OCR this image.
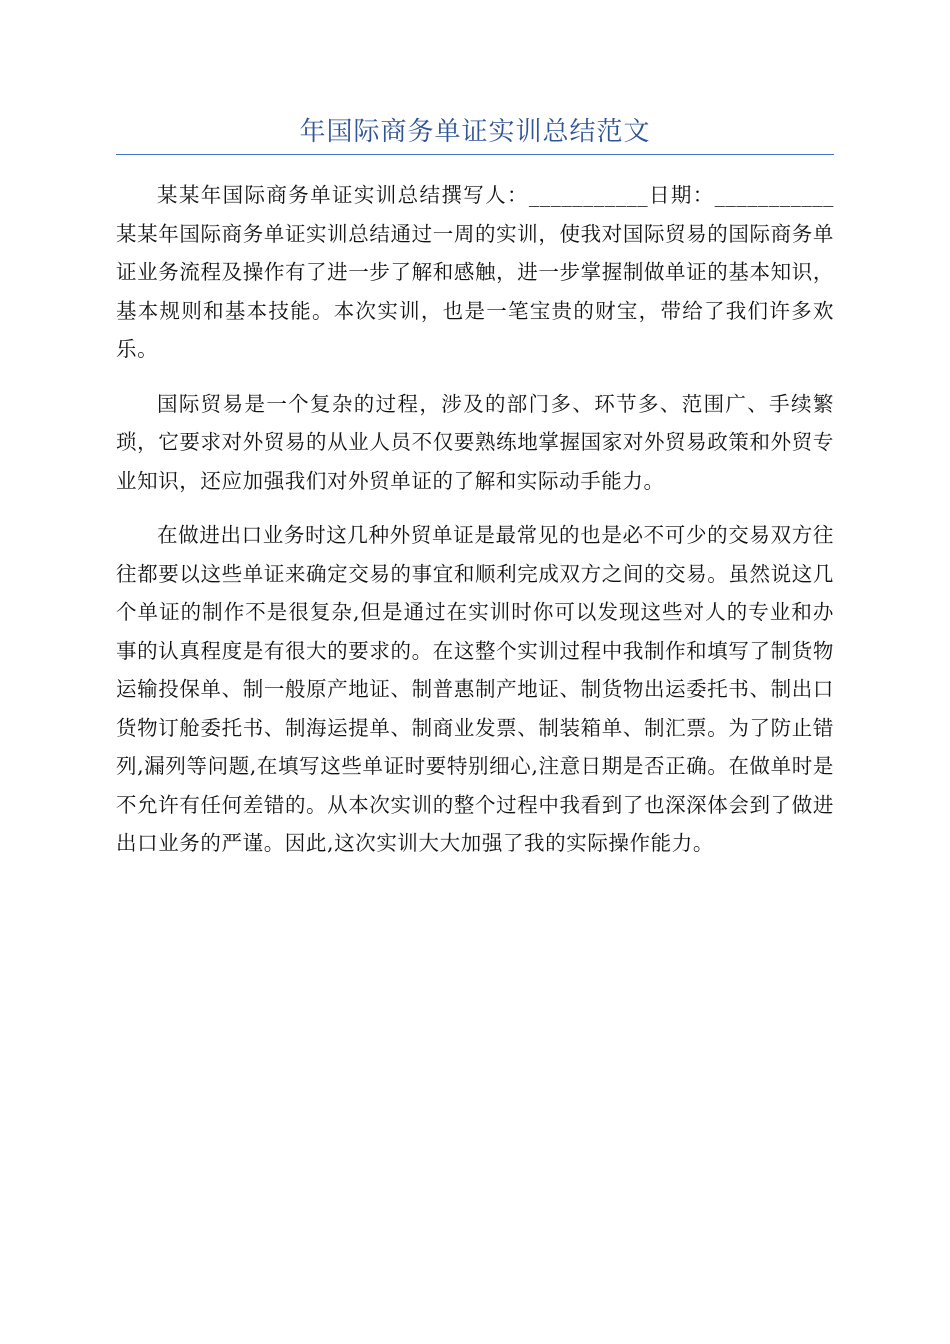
年国际商务单证实训总结范文

某某年国际商务单证实训总结撰写人：___________日期：___________某某年国际商务单证实训总结通过一周的实训，使我对国际贸易的国际商务单证业务流程及操作有了进一步了解和感触，进一步掌握制做单证的基本知识，基本规则和基本技能。本次实训，也是一笔宝贵的财宝，带给了我们许多欢乐。

国际贸易是一个复杂的过程，涉及的部门多、环节多、范围广、手续繁琐，它要求对外贸易的从业人员不仅要熟练地掌握国家对外贸易政策和外贸专业知识，还应加强我们对外贸单证的了解和实际动手能力。

在做进出口业务时这几种外贸单证是最常见的也是必不可少的交易双方往往都要以这些单证来确定交易的事宜和顺利完成双方之间的交易。虽然说这几个单证的制作不是很复杂,但是通过在实训时你可以发现这些对人的专业和办事的认真程度是有很大的要求的。在这整个实训过程中我制作和填写了制货物运输投保单、制一般原产地证、制普惠制产地证、制货物出运委托书、制出口货物订舱委托书、制海运提单、制商业发票、制装箱单、制汇票。为了防止错列,漏列等问题,在填写这些单证时要特别细心,注意日期是否正确。在做单时是不允许有任何差错的。从本次实训的整个过程中我看到了也深深体会到了做进出口业务的严谨。因此,这次实训大大加强了我的实际操作能力。
